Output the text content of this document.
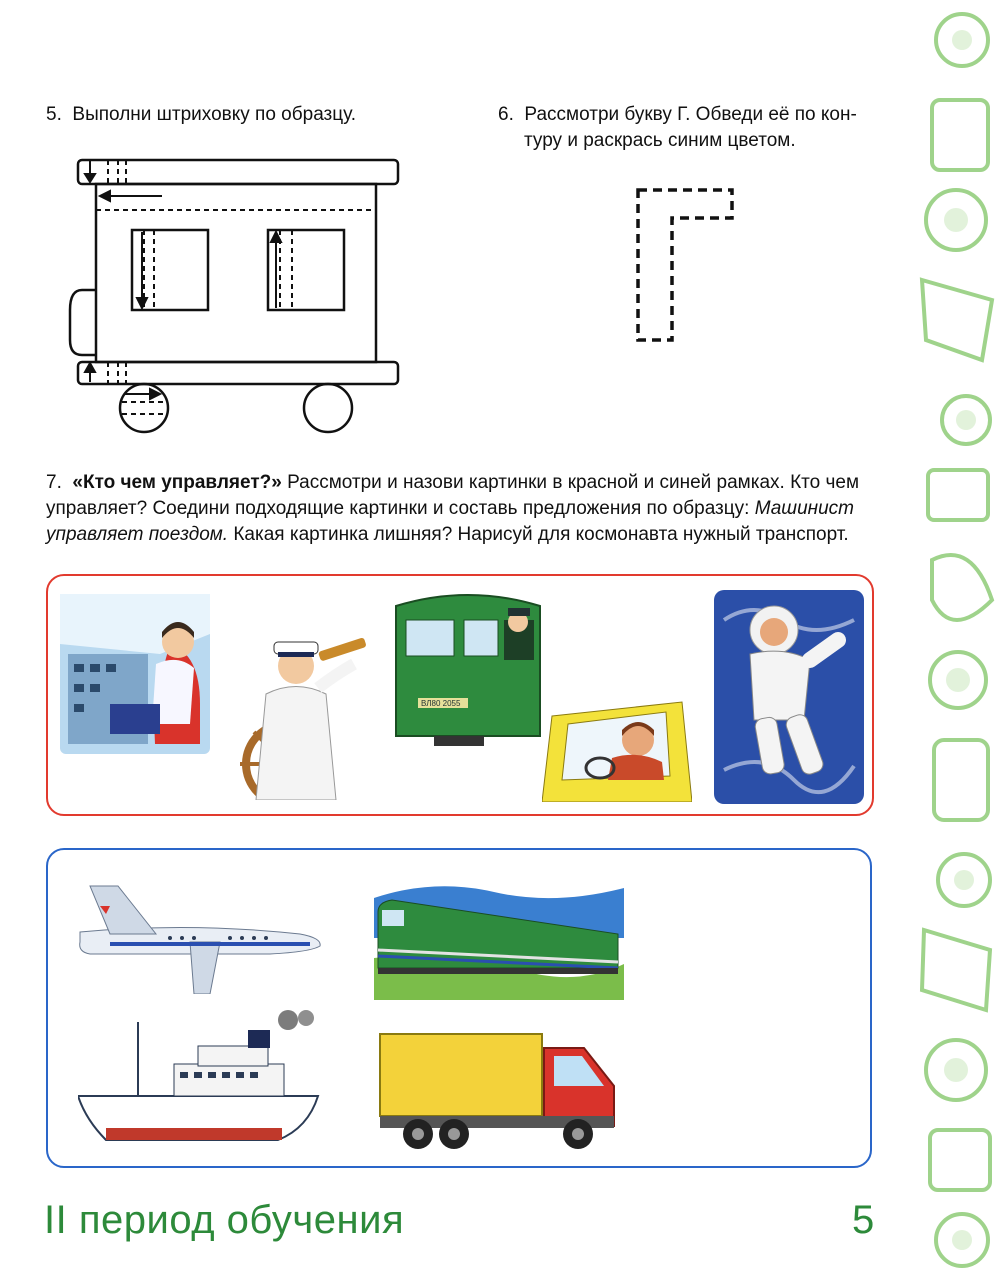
5. Выполни штриховку по образцу.	6. Рассмотри букву Г. Обведи её по кон-
туру и раскрась синим цветом.
7. «Кто чем управляет?» Рассмотри и назови картинки в красной и синей рамках. Кто чем управляет? Соедини подходящие картинки и составь предложения по образцу: Машинист управляет поездом. Какая картинка лишняя? Нарисуй для космонавта нужный транспорт.
ВЛ80 2055
II период обучения	5
